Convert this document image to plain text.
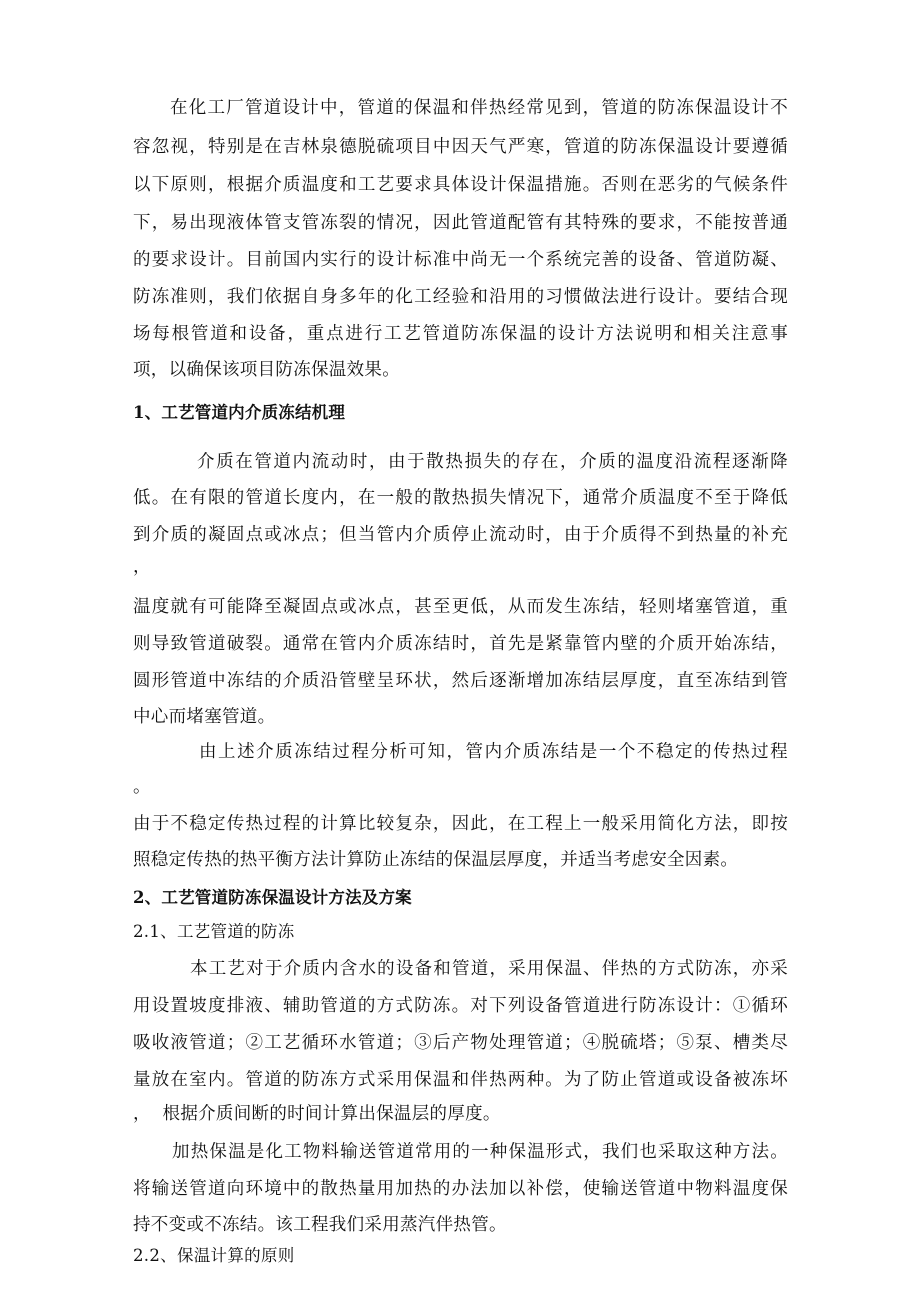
在化工厂管道设计中，管道的保温和伴热经常见到，管道的防冻保温设计不
容忽视，特别是在吉林泉德脱硫项目中因天气严寒，管道的防冻保温设计要遵循
以下原则，根据介质温度和工艺要求具体设计保温措施。否则在恶劣的气候条件
下，易出现液体管支管冻裂的情况，因此管道配管有其特殊的要求，不能按普通
的要求设计。目前国内实行的设计标准中尚无一个系统完善的设备、管道防凝、
防冻准则，我们依据自身多年的化工经验和沿用的习惯做法进行设计。要结合现
场每根管道和设备，重点进行工艺管道防冻保温的设计方法说明和相关注意事
项，以确保该项目防冻保温效果。
1、工艺管道内介质冻结机理
介质在管道内流动时，由于散热损失的存在，介质的温度沿流程逐渐降
低。在有限的管道长度内，在一般的散热损失情况下，通常介质温度不至于降低
到介质的凝固点或冰点；但当管内介质停止流动时，由于介质得不到热量的补充
，
温度就有可能降至凝固点或冰点，甚至更低，从而发生冻结，轻则堵塞管道，重
则导致管道破裂。通常在管内介质冻结时，首先是紧靠管内壁的介质开始冻结，
圆形管道中冻结的介质沿管壁呈环状，然后逐渐增加冻结层厚度，直至冻结到管
中心而堵塞管道。
由上述介质冻结过程分析可知，管内介质冻结是一个不稳定的传热过程
。
由于不稳定传热过程的计算比较复杂，因此，在工程上一般采用简化方法，即按
照稳定传热的热平衡方法计算防止冻结的保温层厚度，并适当考虑安全因素。
2、工艺管道防冻保温设计方法及方案
2.1、工艺管道的防冻
本工艺对于介质内含水的设备和管道，采用保温、伴热的方式防冻，亦采
用设置坡度排液、辅助管道的方式防冻。对下列设备管道进行防冻设计：①循环
吸收液管道；②工艺循环水管道；③后产物处理管道；④脱硫塔；⑤泵、槽类尽
量放在室内。管道的防冻方式采用保温和伴热两种。为了防止管道或设备被冻坏
，  根据介质间断的时间计算出保温层的厚度。
加热保温是化工物料输送管道常用的一种保温形式，我们也采取这种方法。
将输送管道向环境中的散热量用加热的办法加以补偿，使输送管道中物料温度保
持不变或不冻结。该工程我们采用蒸汽伴热管。
2.2、保温计算的原则
